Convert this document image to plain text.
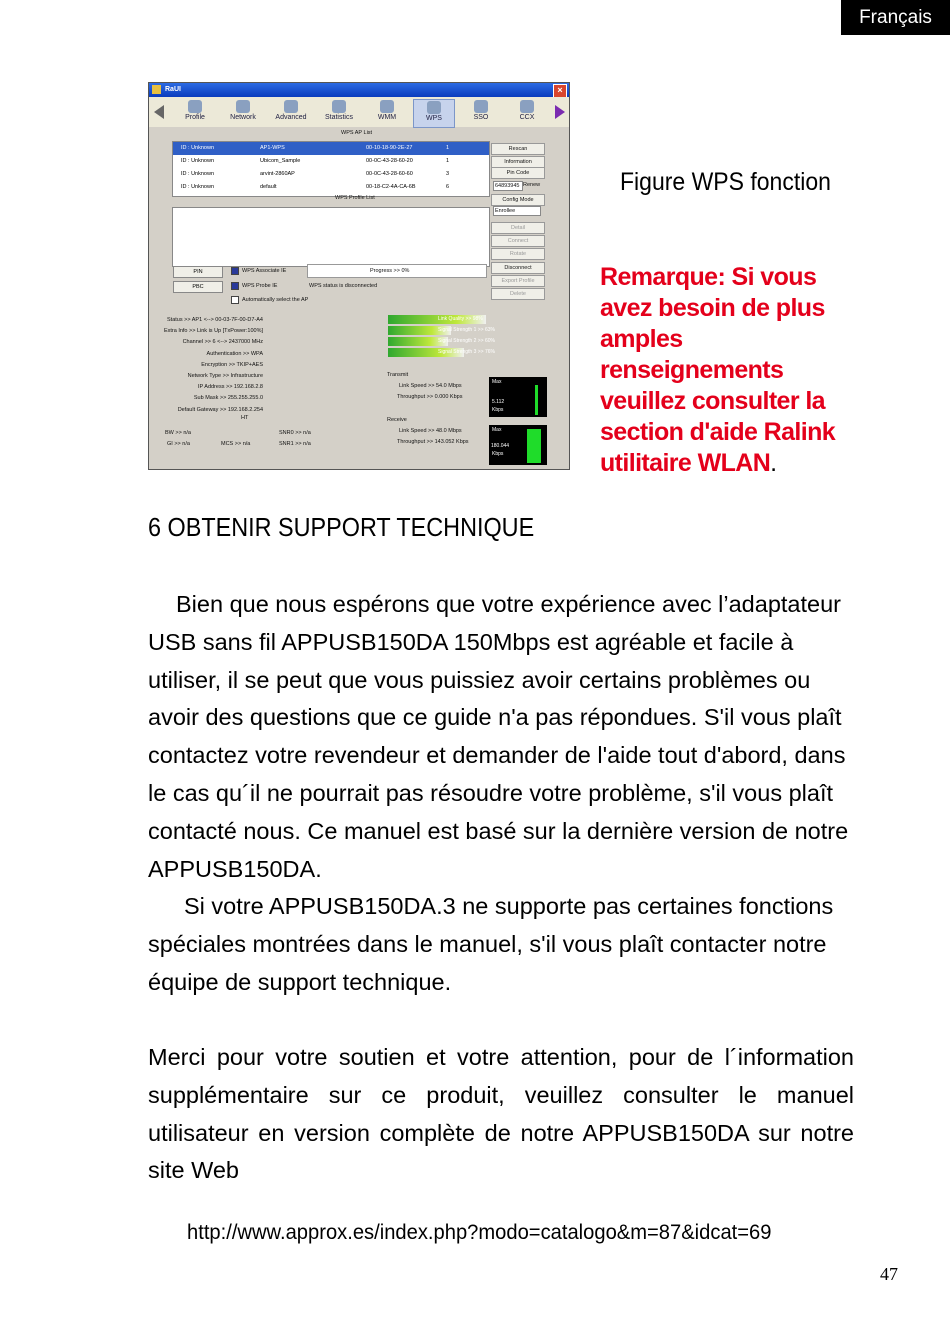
Français
RaUI	×
Profile	Network	Advanced	Statistics	WMM	WPS	SSO	CCX
WPS AP List
ID : Unknown	AP1-WPS	00-10-18-90-2E-27	1
ID : Unknown	Ubicom_Sample	00-0C-43-28-60-20	1
ID : Unknown	arvint-2860AP	00-0C-43-28-60-60	3
ID : Unknown	default	00-18-C2-4A-CA-6B	6
Rescan
Information
Pin Code
64893945 Renew
Config Mode
Enrollee
WPS Profile List
Detail
Connect
Rotate
Disconnect
Export Profile
Delete
PIN
PBC
WPS Associate IE
WPS Probe IE
Automatically select the AP
Progress >> 0%
WPS status is disconnected
Status >> AP1 <--> 00-03-7F-00-D7-A4
Extra Info >> Link is Up [TxPower:100%]
Channel >> 6 <--> 2437000 MHz
Authentication >> WPA
Encryption >> TKIP+AES
Network Type >> Infrastructure
IP Address >> 192.168.2.8
Sub Mask >> 255.255.255.0
Default Gateway >> 192.168.2.254
HT
BW >> n/a
GI >> n/a	MCS >> n/a
SNR0 >> n/a
SNR1 >> n/a
Link Quality >> 98%
Signal Strength 1 >> 63%
Signal Strength 2 >> 60%
Signal Strength 3 >> 76%
Transmit
Link Speed >> 54.0 Mbps
Throughput >> 0.000 Kbps
Max
5.112
Kbps
Receive
Link Speed >> 48.0 Mbps
Throughput >> 143.052 Kbps
Max
180.044
Kbps
Figure WPS fonction
Remarque: Si vous avez besoin de plus amples renseignements veuillez consulter la section d'aide Ralink utilitaire WLAN.
6 OBTENIR SUPPORT TECHNIQUE
Bien que nous espérons que votre expérience avec l’adaptateur USB sans fil APPUSB150DA 150Mbps est agréable et facile à utiliser, il se peut que vous puissiez avoir certains problèmes ou avoir des questions que ce guide n'a pas répondues. S'il vous plaît contactez votre revendeur et demander de l'aide tout d'abord, dans le cas qu´il ne pourrait pas résoudre votre problème, s'il vous plaît contacté nous. Ce manuel est basé sur la dernière version de notre APPUSB150DA.
Si votre APPUSB150DA.3 ne supporte pas certaines fonctions spéciales montrées dans le manuel, s'il vous plaît contacter notre équipe de support technique.
Merci pour votre soutien et votre attention, pour de l´information supplémentaire sur ce produit, veuillez consulter le manuel utilisateur en version complète de notre APPUSB150DA sur notre site Web
http://www.approx.es/index.php?modo=catalogo&m=87&idcat=69
47
